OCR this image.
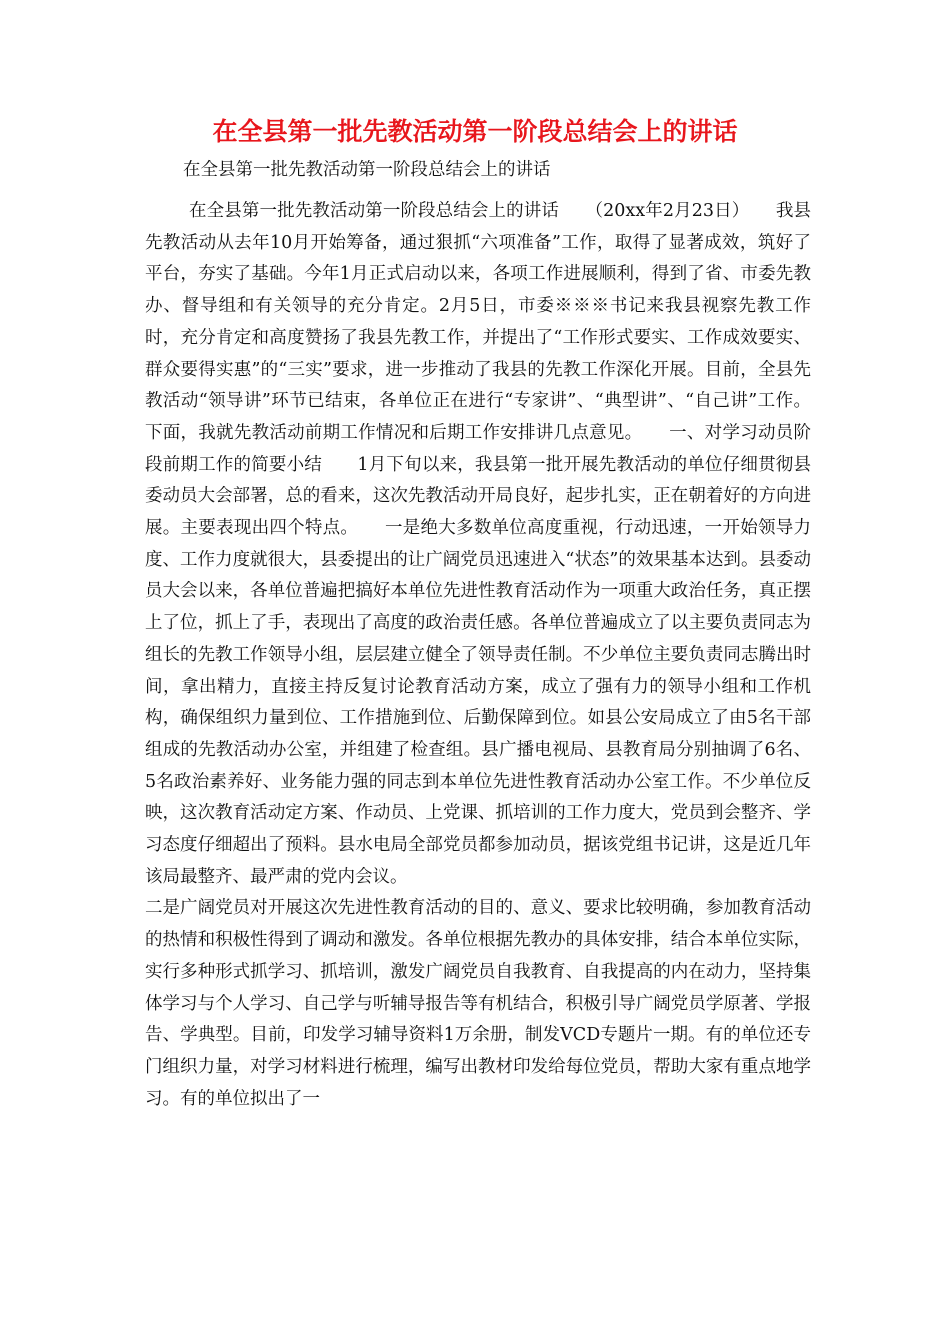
在全县第一批先教活动第一阶段总结会上的讲话
在全县第一批先教活动第一阶段总结会上的讲话

在全县第一批先教活动第一阶段总结会上的讲话　　（20xx年2月23日）　　我县先教活动从去年10月开始筹备，通过狠抓“六项准备”工作，取得了显著成效，筑好了平台，夯实了基础。今年1月正式启动以来，各项工作进展顺利，得到了省、市委先教办、督导组和有关领导的充分肯定。2月5日，市委※※※书记来我县视察先教工作时，充分肯定和高度赞扬了我县先教工作，并提出了“工作形式要实、工作成效要实、群众要得实惠”的“三实”要求，进一步推动了我县的先教工作深化开展。目前，全县先教活动“领导讲”环节已结束，各单位正在进行“专家讲”、“典型讲”、“自己讲”工作。下面，我就先教活动前期工作情况和后期工作安排讲几点意见。　　一、对学习动员阶段前期工作的简要小结　　1月下旬以来，我县第一批开展先教活动的单位仔细贯彻县委动员大会部署，总的看来，这次先教活动开局良好，起步扎实，正在朝着好的方向进展。主要表现出四个特点。　　一是绝大多数单位高度重视，行动迅速，一开始领导力度、工作力度就很大，县委提出的让广阔党员迅速进入“状态”的效果基本达到。县委动员大会以来，各单位普遍把搞好本单位先进性教育活动作为一项重大政治任务，真正摆上了位，抓上了手，表现出了高度的政治责任感。各单位普遍成立了以主要负责同志为组长的先教工作领导小组，层层建立健全了领导责任制。不少单位主要负责同志腾出时间，拿出精力，直接主持反复讨论教育活动方案，成立了强有力的领导小组和工作机构，确保组织力量到位、工作措施到位、后勤保障到位。如县公安局成立了由5名干部组成的先教活动办公室，并组建了检查组。县广播电视局、县教育局分别抽调了6名、5名政治素养好、业务能力强的同志到本单位先进性教育活动办公室工作。不少单位反映，这次教育活动定方案、作动员、上党课、抓培训的工作力度大，党员到会整齐、学习态度仔细超出了预料。县水电局全部党员都参加动员，据该党组书记讲，这是近几年该局最整齐、最严肃的党内会议。

二是广阔党员对开展这次先进性教育活动的目的、意义、要求比较明确，参加教育活动的热情和积极性得到了调动和激发。各单位根据先教办的具体安排，结合本单位实际，实行多种形式抓学习、抓培训，激发广阔党员自我教育、自我提高的内在动力，坚持集体学习与个人学习、自己学与听辅导报告等有机结合，积极引导广阔党员学原著、学报告、学典型。目前，印发学习辅导资料1万余册，制发VCD专题片一期。有的单位还专门组织力量，对学习材料进行梳理，编写出教材印发给每位党员，帮助大家有重点地学习。有的单位拟出了一
